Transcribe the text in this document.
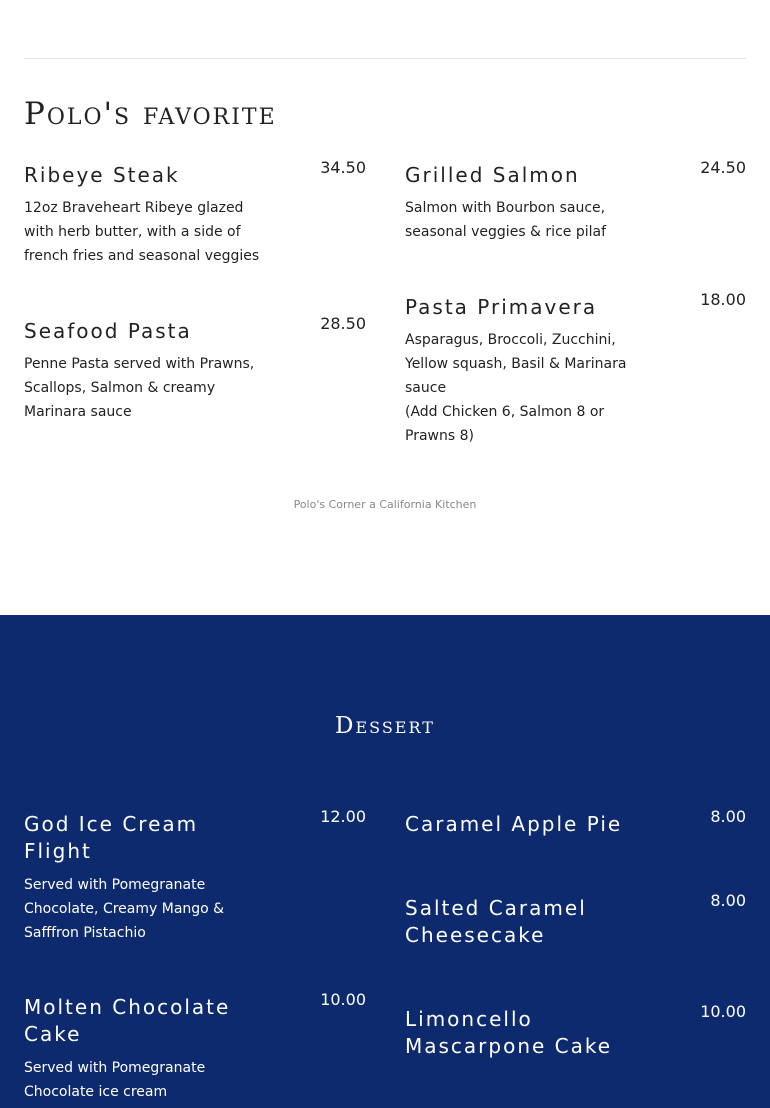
Polo's favorite
Ribeye Steak	34.50

12oz Braveheart Ribeye glazed with herb butter, with a side of french fries and seasonal veggies

Grilled Salmon	24.50

Salmon with Bourbon sauce, seasonal veggies & rice pilaf

Seafood Pasta	28.50

Penne Pasta served with Prawns, Scallops, Salmon & creamy Marinara sauce

Pasta Primavera	18.00

Asparagus, Broccoli, Zucchini, Yellow squash, Basil & Marinara sauce
(Add Chicken 6, Salmon 8 or Prawns 8)

Polo's Corner a California Kitchen
Dessert
God Ice Cream Flight
12.00

Served with Pomegranate Chocolate, Creamy Mango & Safffron Pistachio

Caramel Apple Pie	8.00
Salted Caramel Cheesecake
8.00
Molten Chocolate Cake
10.00

Served with Pomegranate Chocolate ice cream

Limoncello Mascarpone Cake
10.00
